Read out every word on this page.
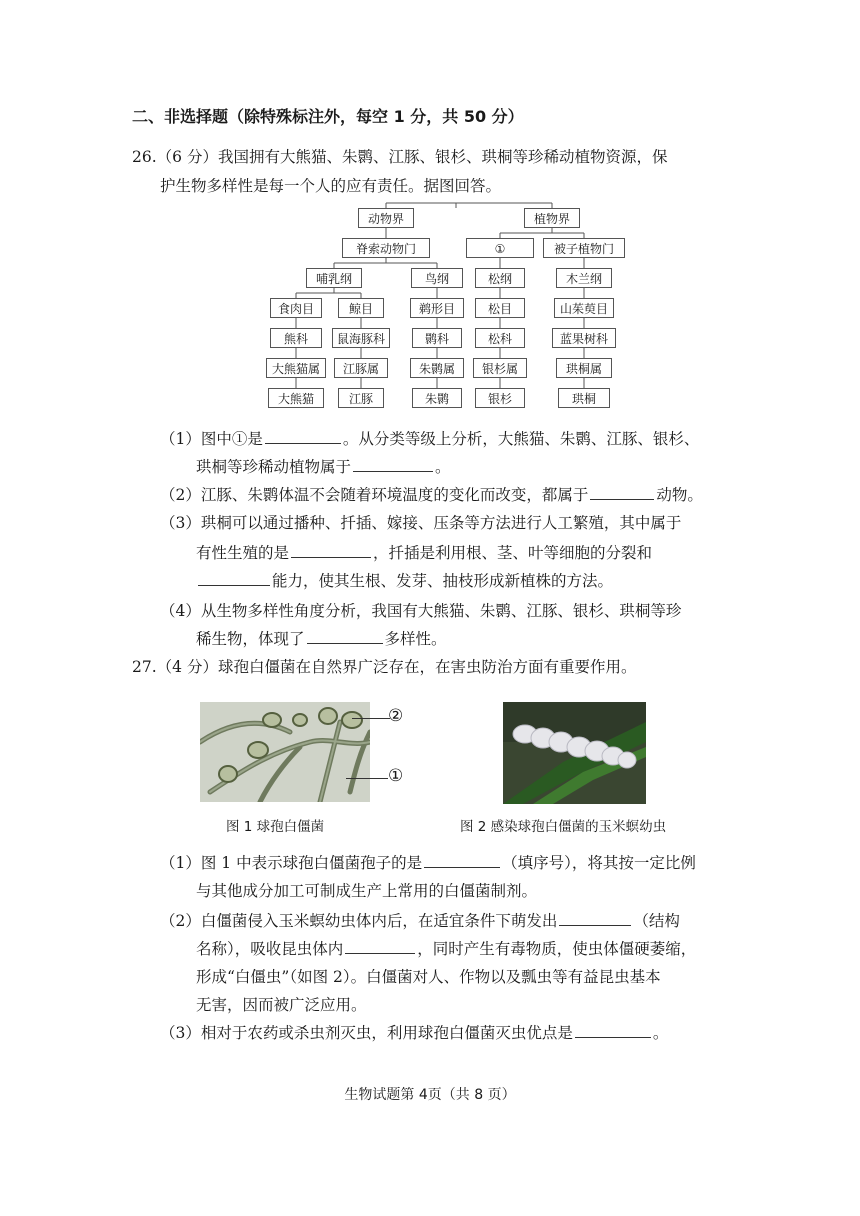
二、非选择题（除特殊标注外，每空 1 分，共 50 分）
26.（6 分）我国拥有大熊猫、朱鹮、江豚、银杉、珙桐等珍稀动植物资源，保
护生物多样性是每一个人的应有责任。据图回答。
动物界	植物界
脊索动物门	①	被子植物门
哺乳纲	鸟纲	松纲	木兰纲
食肉目	鲸目	鹈形目	松目	山茱萸目
熊科	鼠海豚科	鹮科	松科	蓝果树科
大熊猫属	江豚属	朱鹮属	银杉属	珙桐属
大熊猫	江豚	朱鹮	银杉	珙桐
（1）图中①是	。从分类等级上分析，大熊猫、朱鹮、江豚、银杉、
珙桐等珍稀动植物属于	。
（2）江豚、朱鹮体温不会随着环境温度的变化而改变，都属于	动物。
（3）珙桐可以通过播种、扦插、嫁接、压条等方法进行人工繁殖，其中属于
有性生殖的是	，扦插是利用根、茎、叶等细胞的分裂和
能力，使其生根、发芽、抽枝形成新植株的方法。
（4）从生物多样性角度分析，我国有大熊猫、朱鹮、江豚、银杉、珙桐等珍
稀生物，体现了	多样性。
27.（4 分）球孢白僵菌在自然界广泛存在，在害虫防治方面有重要作用。
②
①
图 1 球孢白僵菌	图 2 感染球孢白僵菌的玉米螟幼虫
（1）图 1 中表示球孢白僵菌孢子的是	（填序号），将其按一定比例
与其他成分加工可制成生产上常用的白僵菌制剂。
（2）白僵菌侵入玉米螟幼虫体内后，在适宜条件下萌发出	（结构
名称），吸收昆虫体内	，同时产生有毒物质，使虫体僵硬萎缩，
形成“白僵虫”（如图 2）。白僵菌对人、作物以及瓢虫等有益昆虫基本
无害，因而被广泛应用。
（3）相对于农药或杀虫剂灭虫，利用球孢白僵菌灭虫优点是	。
生物试题第 4页（共 8 页）
